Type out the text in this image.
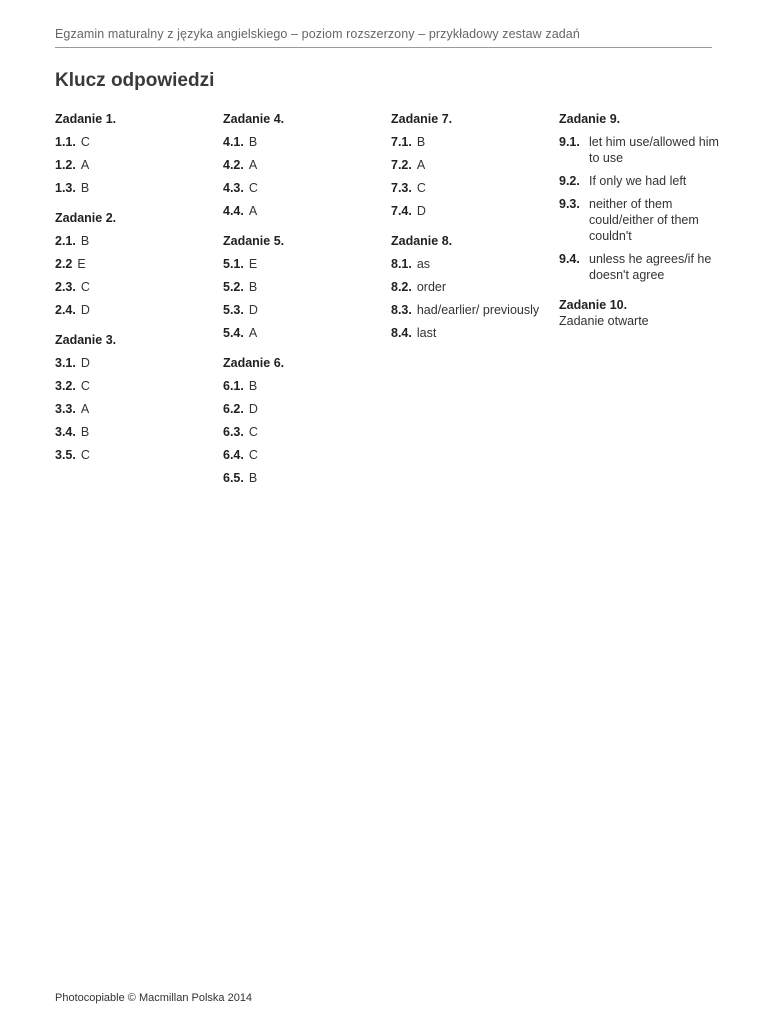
Egzamin maturalny z języka angielskiego – poziom rozszerzony – przykładowy zestaw zadań
Klucz odpowiedzi
Zadanie 1.
1.1. C
1.2. A
1.3. B
Zadanie 2.
2.1. B
2.2 E
2.3. C
2.4. D
Zadanie 3.
3.1. D
3.2. C
3.3. A
3.4. B
3.5. C
Zadanie 4.
4.1. B
4.2. A
4.3. C
4.4. A
Zadanie 5.
5.1. E
5.2. B
5.3. D
5.4. A
Zadanie 6.
6.1. B
6.2. D
6.3. C
6.4. C
6.5. B
Zadanie 7.
7.1. B
7.2. A
7.3. C
7.4. D
Zadanie 8.
8.1. as
8.2. order
8.3. had/earlier/ previously
8.4. last
Zadanie 9.
9.1. let him use/allowed him to use
9.2. If only we had left
9.3. neither of them could/either of them couldn't
9.4. unless he agrees/if he doesn't agree
Zadanie 10.
Zadanie otwarte
Photocopiable © Macmillan Polska 2014
